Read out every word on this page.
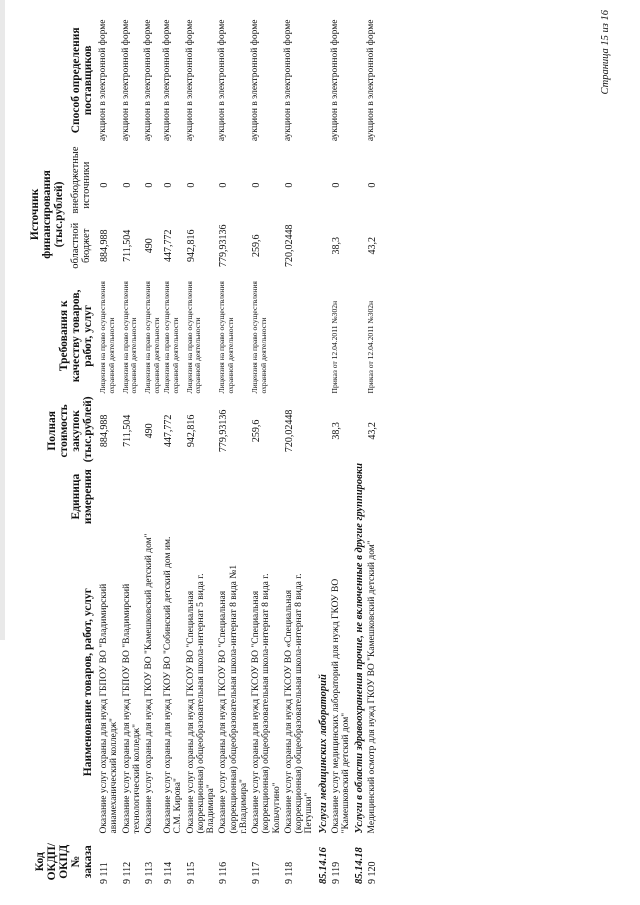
Код ОКДП/ ОКПД № заказа	Наименование товаров, работ, услуг	Единица измерения	Полная стоимость закупок (тыс.рублей)	Требования к качеству товаров, работ, услуг	Источник финансирования (тыс.рублей)		Способ определения поставщиков
					областной бюджет	внебюджетные источники	
9 111	Оказание услуг охраны для нужд ГБПОУ ВО "Владимирский авиамеханический колледж"		884,988	Лицензия на право осуществления охранной деятельности	884,988	0	аукцион в электронной форме
9 112	Оказание услуг охраны для нужд ГБПОУ ВО "Владимирский технологический колледж"		711,504	Лицензия на право осуществления охранной деятельности	711,504	0	аукцион в электронной форме
9 113	Оказание услуг охраны для нужд ГКОУ ВО "Камешковский детский дом"		490	Лицензия на право осуществления охранной деятельности	490	0	аукцион в электронной форме
9 114	Оказание услуг охраны для нужд ГКОУ ВО "Собинский детский дом им. С.М. Кирова"		447,772	Лицензия на право осуществления охранной деятельности	447,772	0	аукцион в электронной форме
9 115	Оказание услуг охраны для нужд ГКСОУ ВО "Специальная (коррекционная) общеобразовательная школа-интернат 5 вида г. Владимира"		942,816	Лицензия на право осуществления охранной деятельности	942,816	0	аукцион в электронной форме
9 116	Оказание услуг охраны для нужд ГКСОУ ВО "Специальная (коррекционная) общеобразовательная школа-интернат 8 вида №1 г.Владимира"		779,93136	Лицензия на право осуществления охранной деятельности	779,93136	0	аукцион в электронной форме
9 117	Оказание услуг охраны для нужд ГКСОУ ВО "Специальная (коррекционная) общеобразовательная школа-интернат 8 вида г. Кольчугино"		259,6	Лицензия на право осуществления охранной деятельности	259,6	0	аукцион в электронной форме
9 118	Оказание услуг охраны для нужд ГКСОУ ВО «Специальная (коррекционная) общеобразовательная школа-интернат 8 вида г. Петушки"		720,02448		720,02448	0	аукцион в электронной форме
85.14.16	Услуги медицинских лабораторий						
9 119	Оказание услуг медицинских лабораторий для нужд ГКОУ ВО "Камешковский детский дом"		38,3	Приказ от 12.04.2011 №302н	38,3	0	аукцион в электронной форме
85.14.18	Услуги в области здравоохранения прочие, не включенные в другие группировки						
9 120	Медицинский осмотр для нужд ГКОУ ВО "Камешковский детский дом"		43,2	Приказ от 12.04.2011 №302н	43,2	0	аукцион в электронной форме	Страница 15 из 16
